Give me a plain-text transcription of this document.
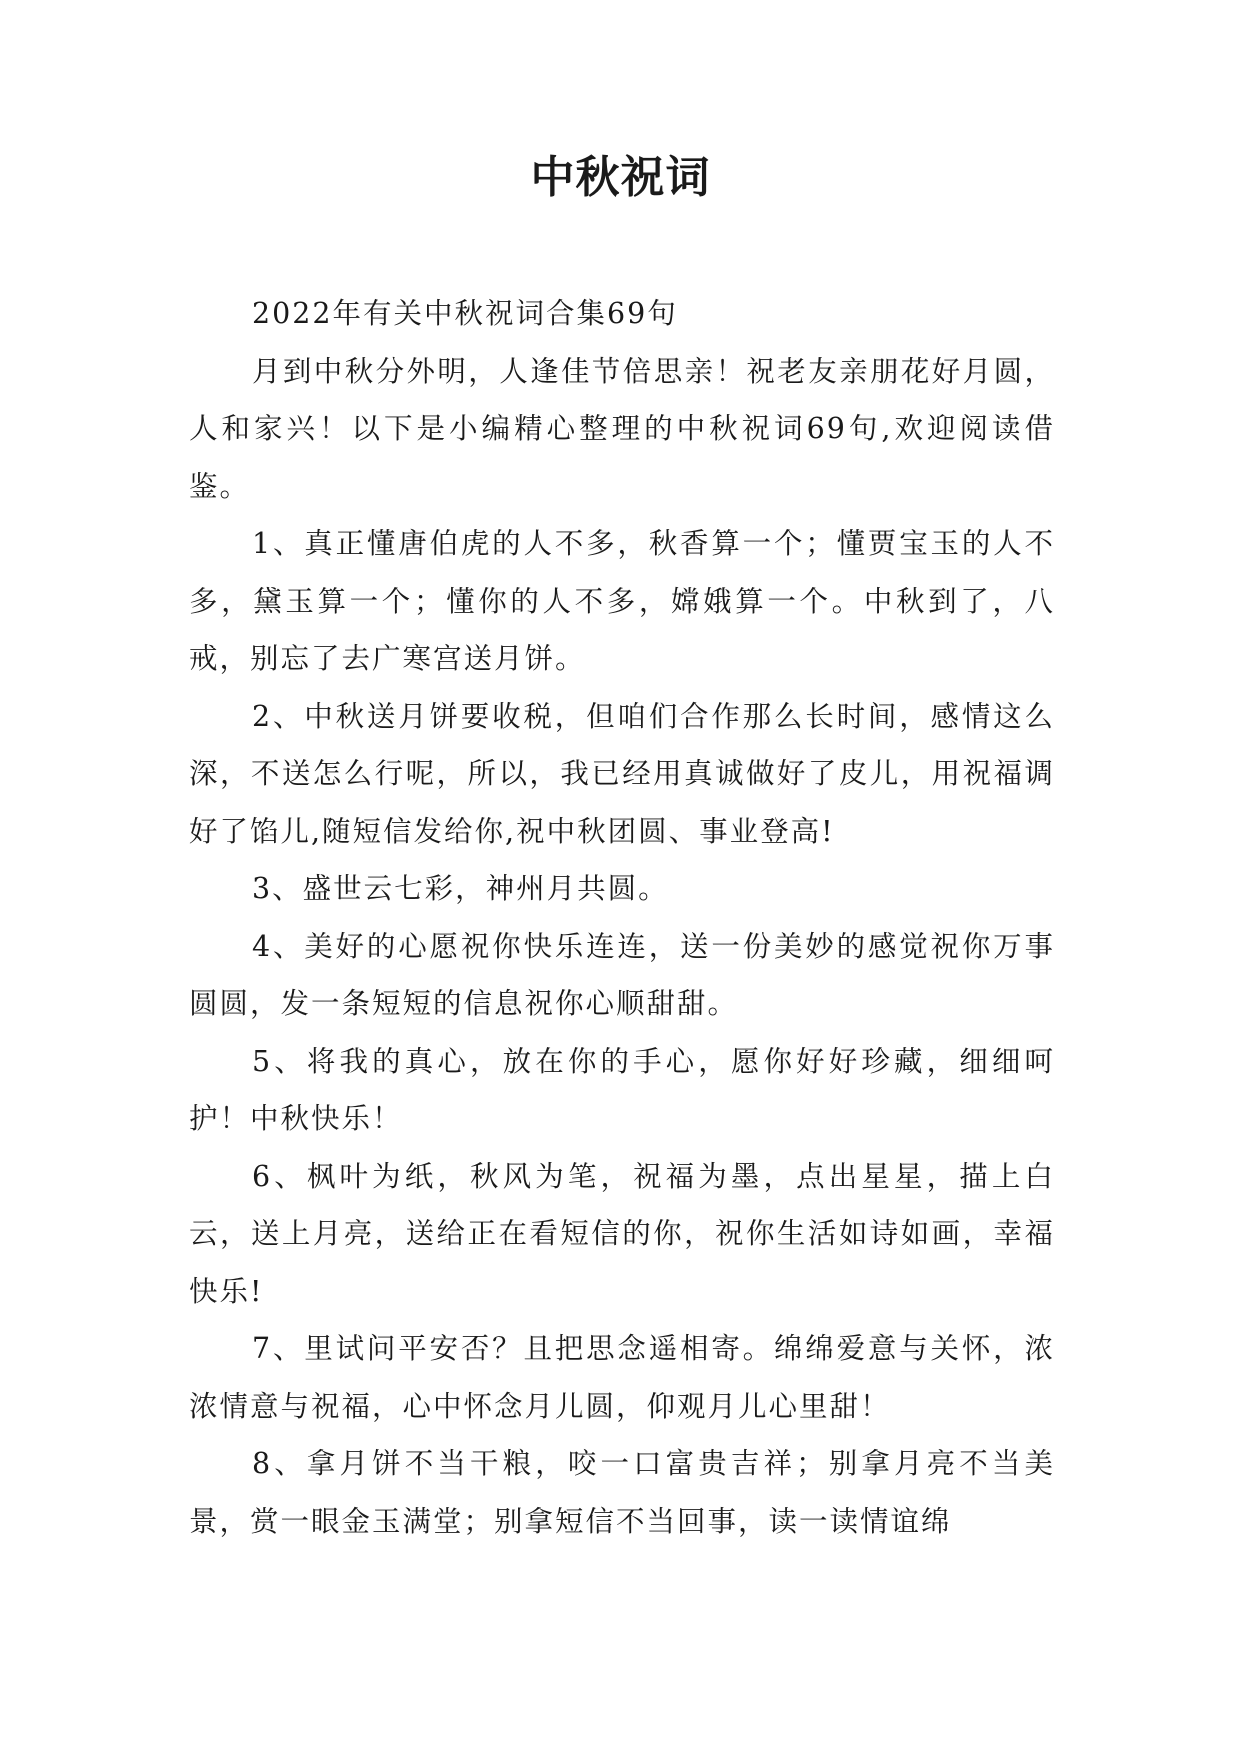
中秋祝词

2022年有关中秋祝词合集69句

月到中秋分外明，人逢佳节倍思亲！祝老友亲朋花好月圆，人和家兴！以下是小编精心整理的中秋祝词69句,欢迎阅读借鉴。

1、真正懂唐伯虎的人不多，秋香算一个；懂贾宝玉的人不多，黛玉算一个；懂你的人不多，嫦娥算一个。中秋到了，八戒，别忘了去广寒宫送月饼。

2、中秋送月饼要收税，但咱们合作那么长时间，感情这么深，不送怎么行呢，所以，我已经用真诚做好了皮儿，用祝福调好了馅儿,随短信发给你,祝中秋团圆、事业登高!

3、盛世云七彩，神州月共圆。

4、美好的心愿祝你快乐连连，送一份美妙的感觉祝你万事圆圆，发一条短短的信息祝你心顺甜甜。

5、将我的真心，放在你的手心，愿你好好珍藏，细细呵护！中秋快乐！

6、枫叶为纸，秋风为笔，祝福为墨，点出星星，描上白云，送上月亮，送给正在看短信的你，祝你生活如诗如画，幸福快乐!

7、里试问平安否？且把思念遥相寄。绵绵爱意与关怀，浓浓情意与祝福，心中怀念月儿圆，仰观月儿心里甜！

8、拿月饼不当干粮，咬一口富贵吉祥；别拿月亮不当美景，赏一眼金玉满堂；别拿短信不当回事，读一读情谊绵
